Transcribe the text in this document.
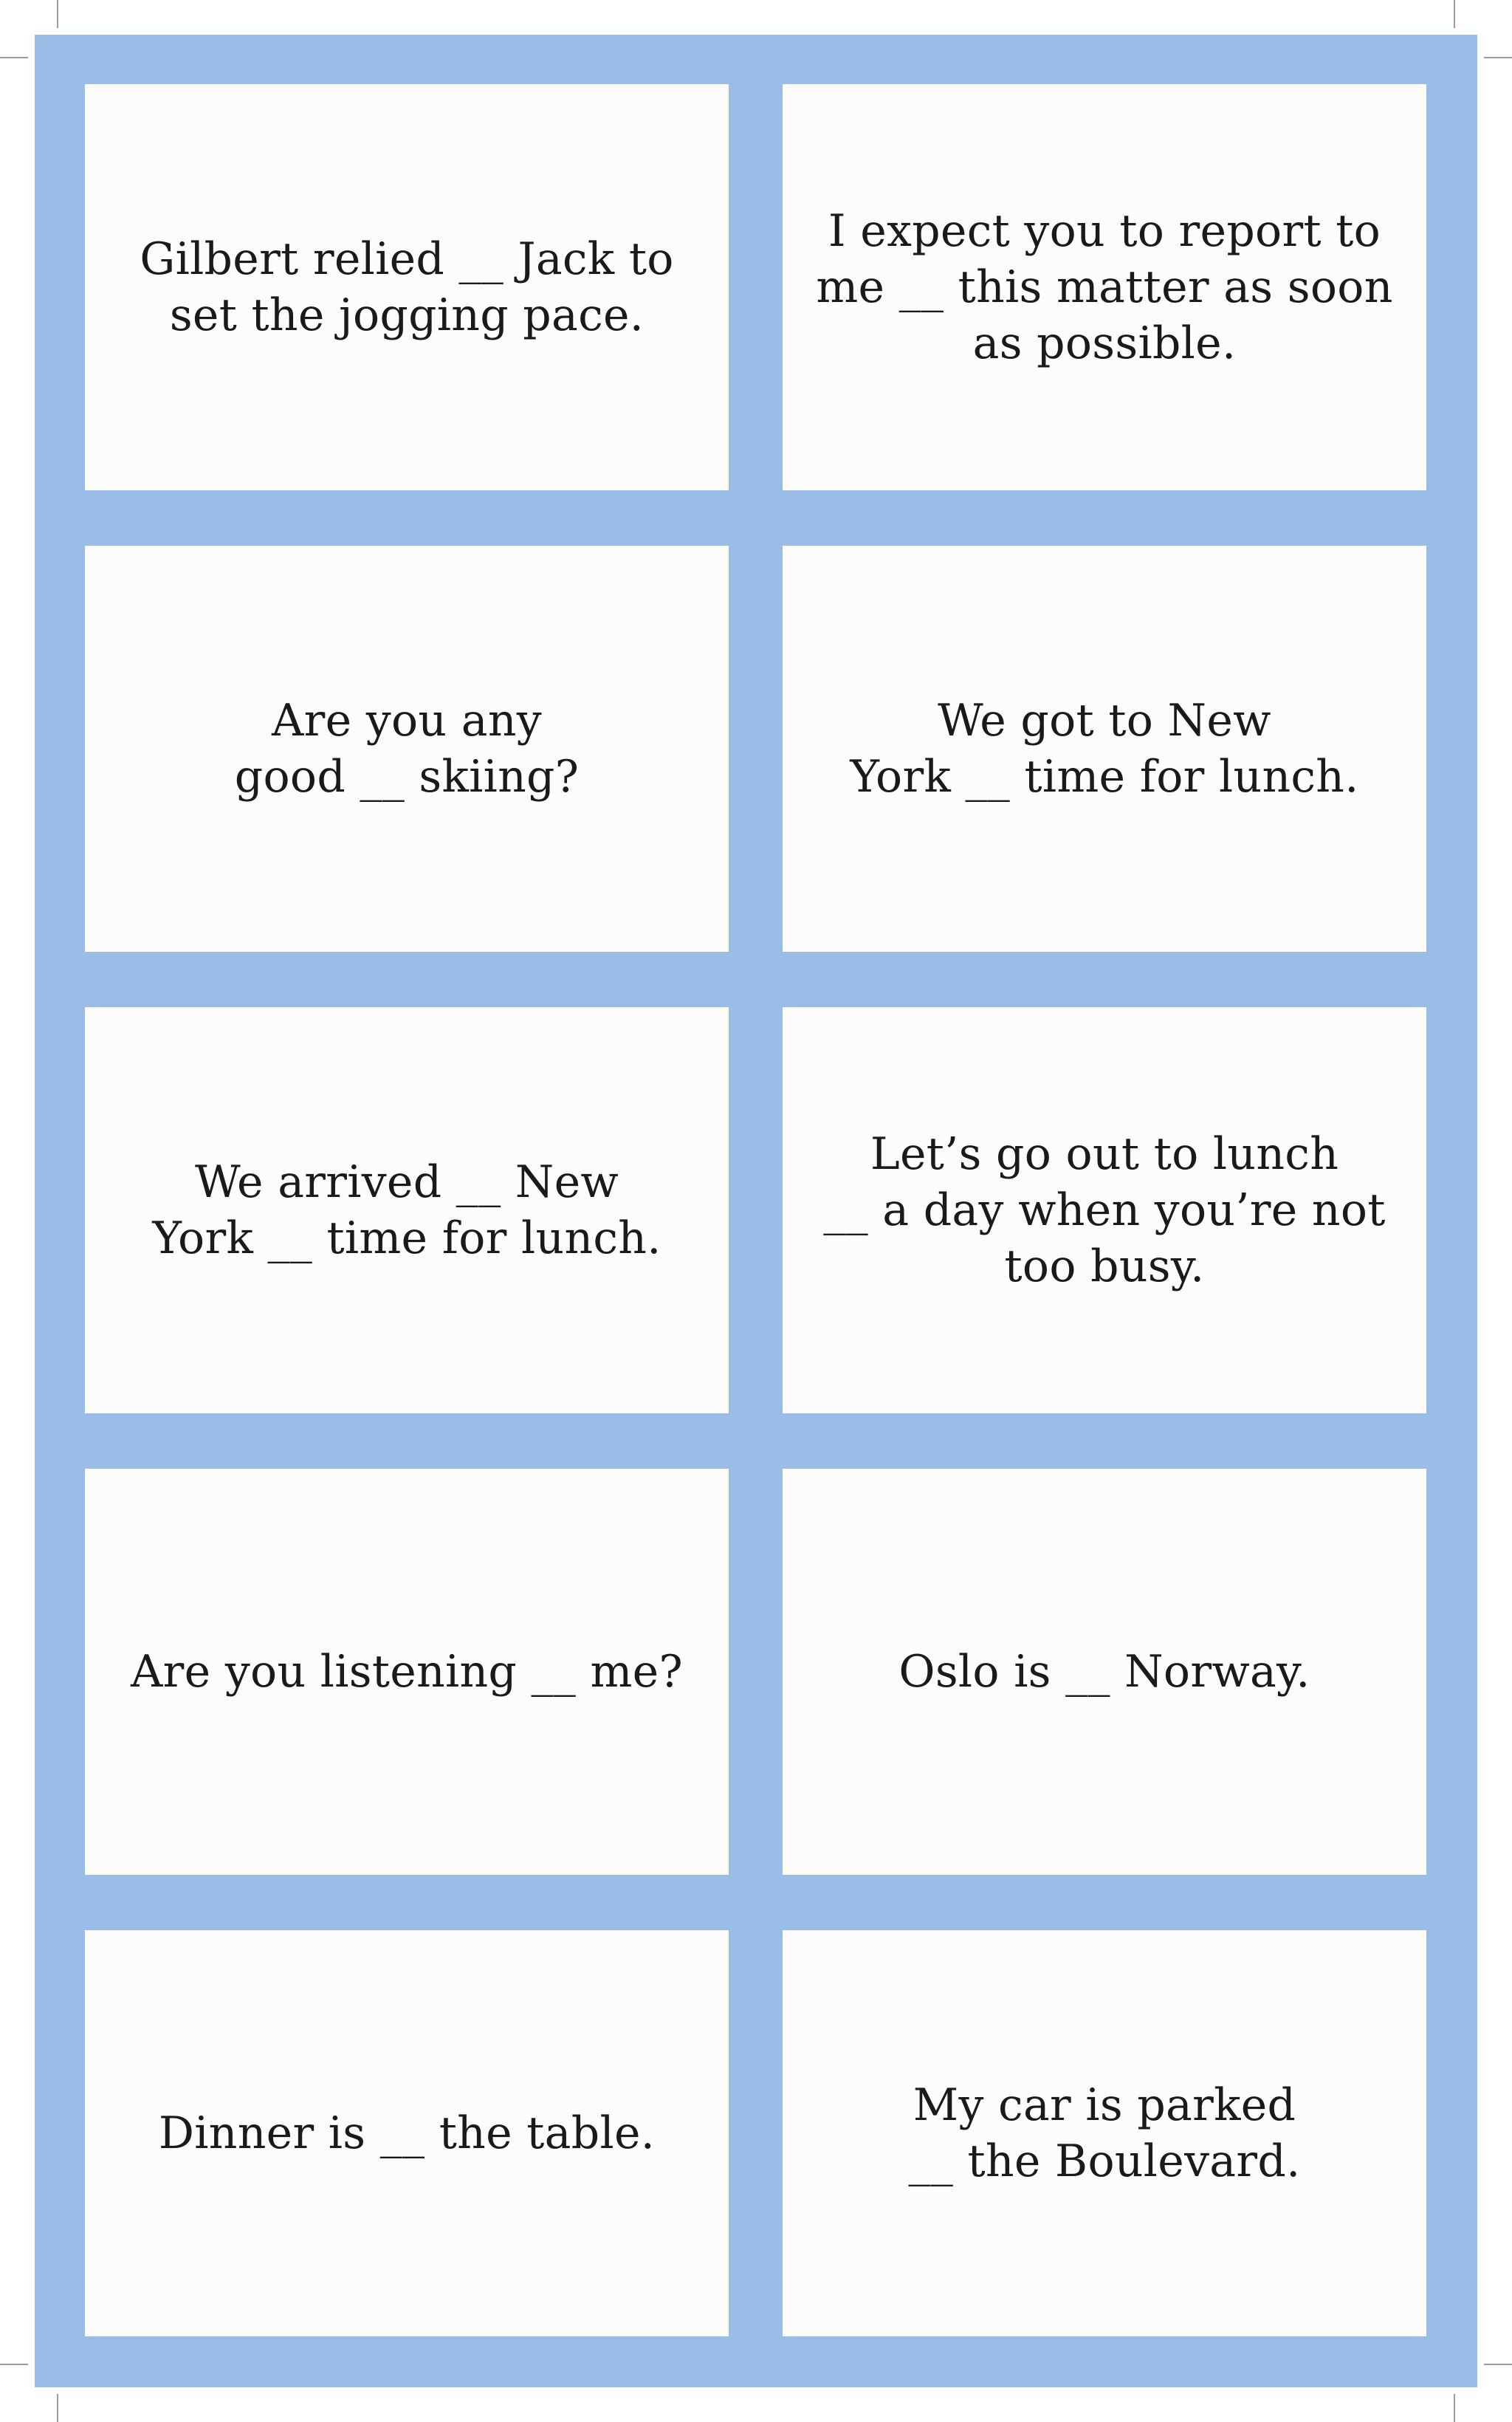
Gilbert relied __ Jack to
set the jogging pace.
I expect you to report to
me __ this matter as soon
as possible.
Are you any
good __ skiing?
We got to New
York __ time for lunch.
We arrived __ New
York __ time for lunch.
Let’s go out to lunch
__ a day when you’re not
too busy.
Are you listening __ me?	Oslo is __ Norway.
Dinner is __ the table.
My car is parked
__ the Boulevard.
